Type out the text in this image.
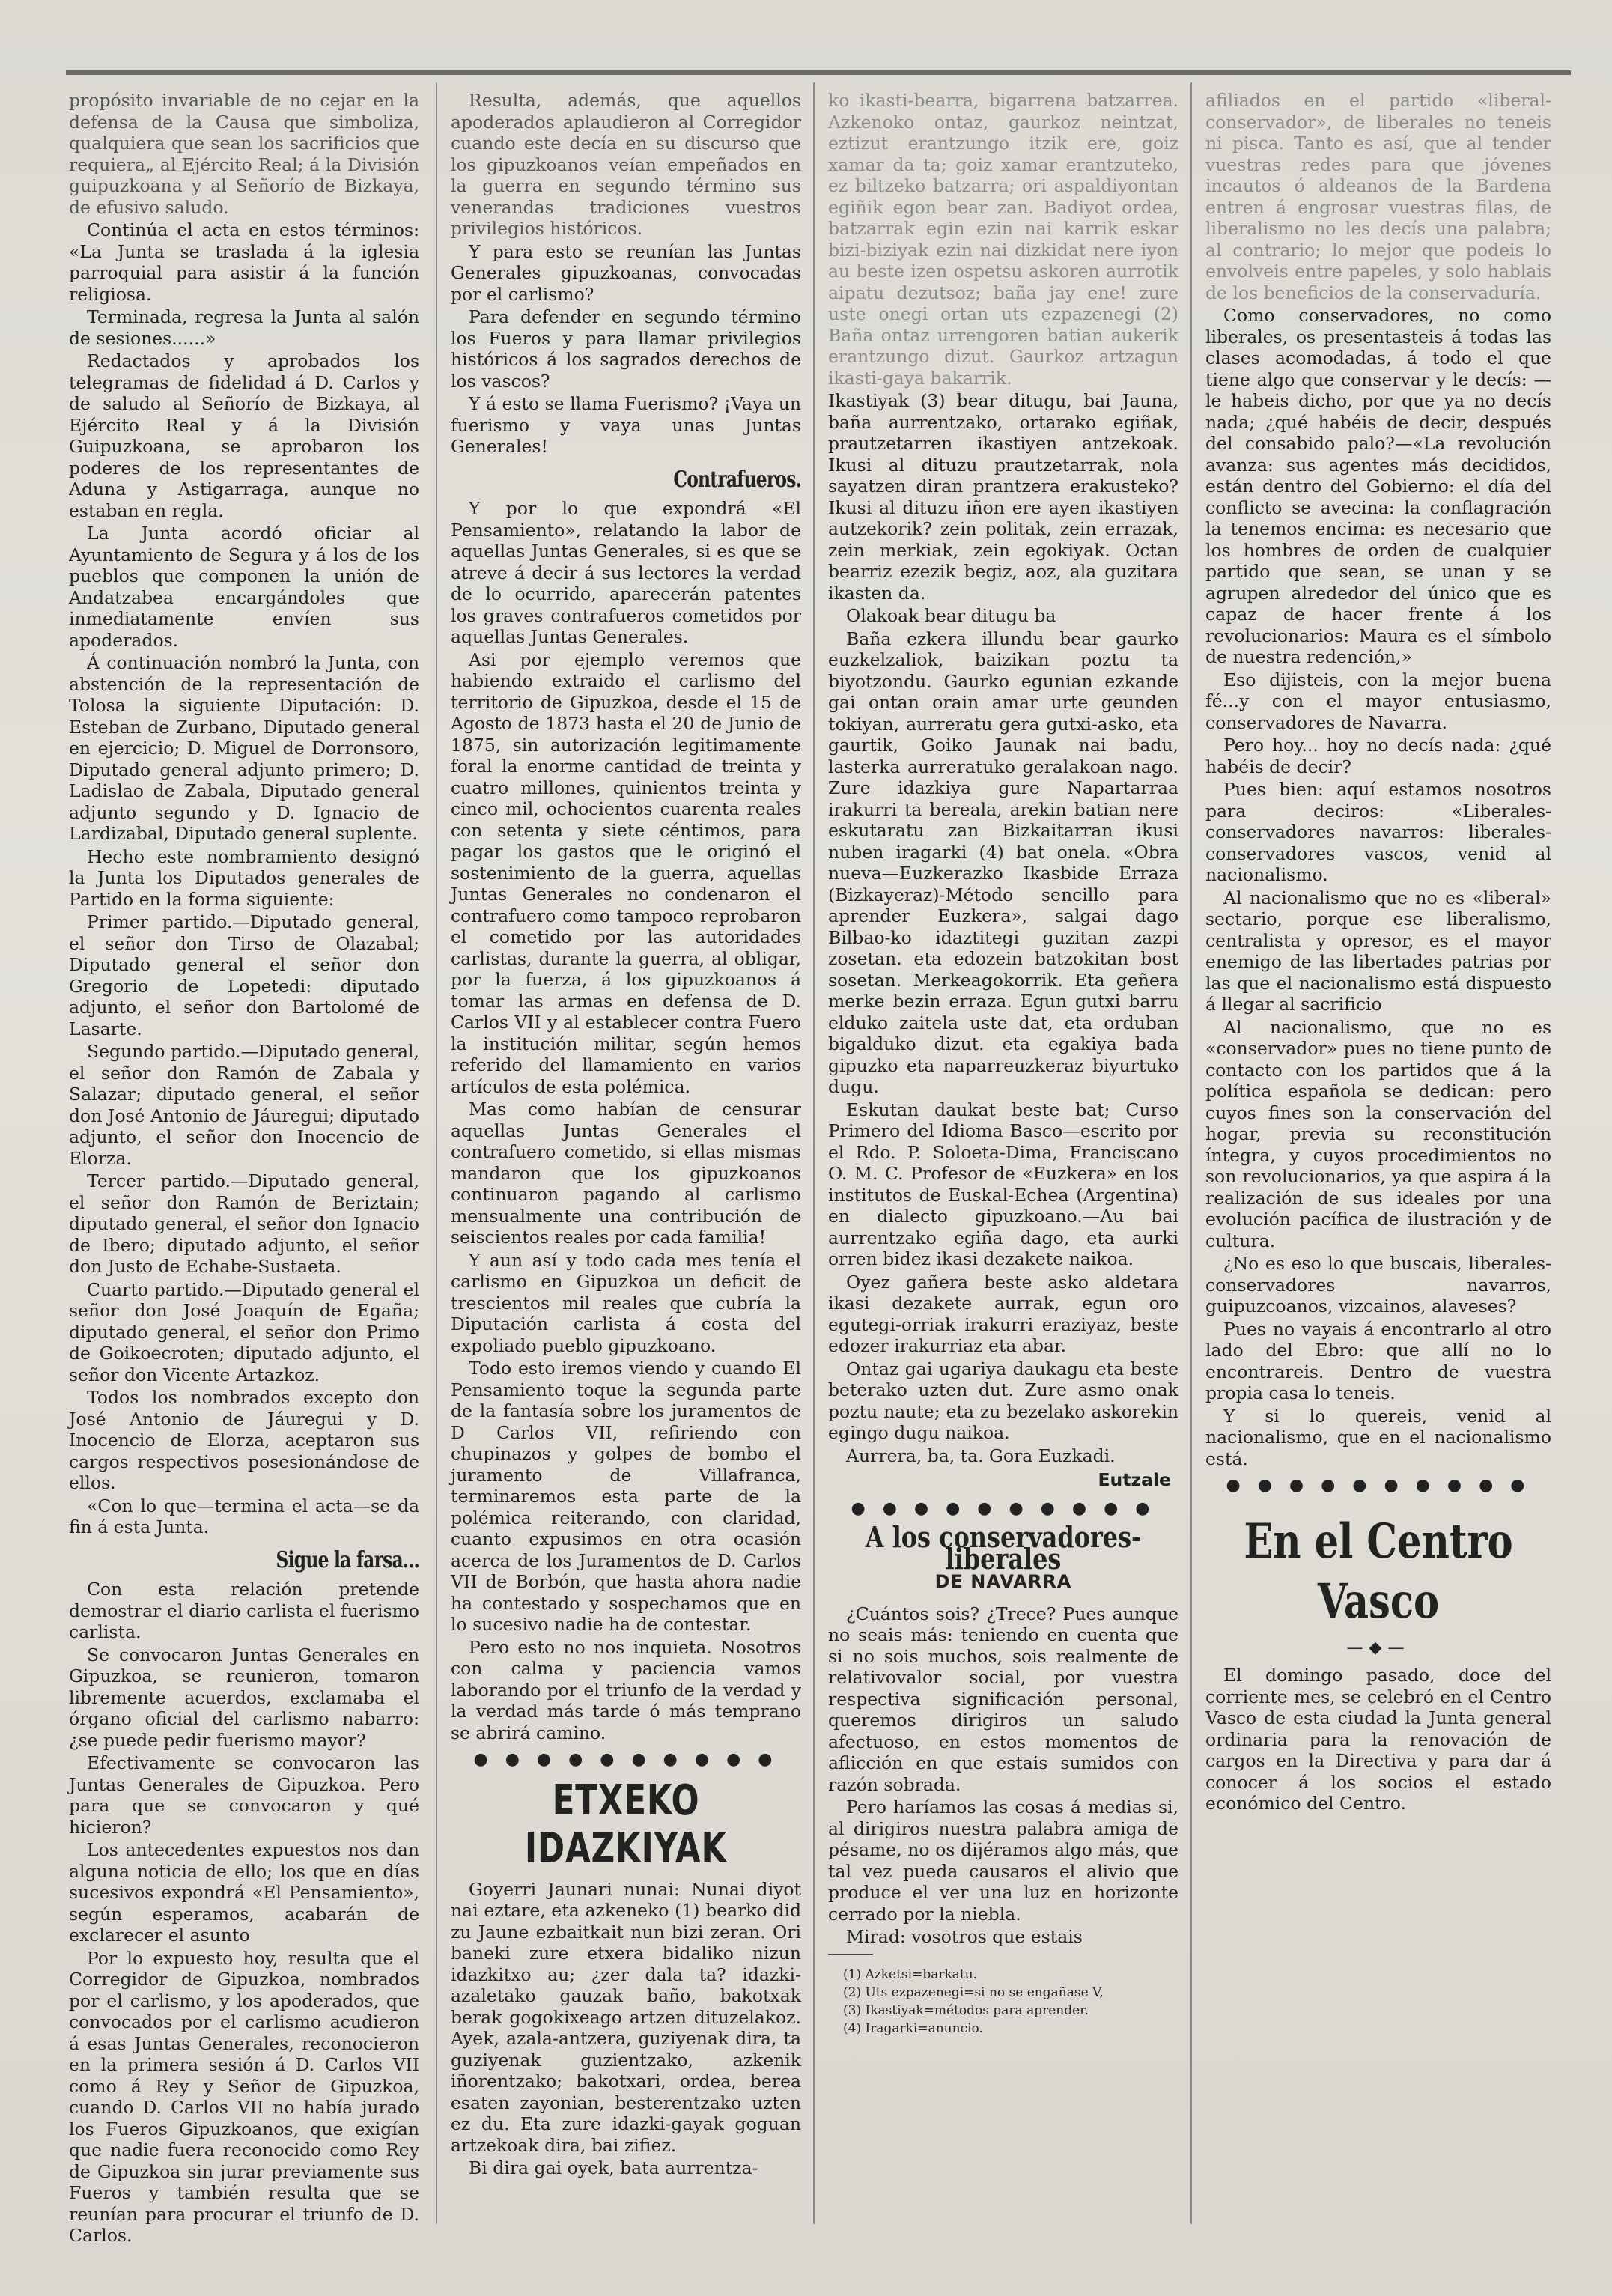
propósito invariable de no cejar en la defensa de la Causa que simboliza, qualquiera que sean los sacrificios que requiera„ al Ejército Real; á la División guipuzkoana y al Señorío de Bizkaya, de efusivo saludo.

Continúa el acta en estos términos: «La Junta se traslada á la iglesia parroquial para asistir á la función religiosa.

Terminada, regresa la Junta al salón de sesiones......»

Redactados y aprobados los telegramas de fidelidad á D. Carlos y de saludo al Señorío de Bizkaya, al Ejército Real y á la División Guipuzkoana, se aprobaron los poderes de los representantes de Aduna y Astigarraga, aunque no estaban en regla.

La Junta acordó oficiar al Ayuntamiento de Segura y á los de los pueblos que componen la unión de Andatzabea encargándoles que inmediatamente envíen sus apoderados.

Á continuación nombró la Junta, con abstención de la representación de Tolosa la siguiente Diputación: D. Esteban de Zurbano, Diputado general en ejercicio; D. Miguel de Dorronsoro, Diputado general adjunto primero; D. Ladislao de Zabala, Diputado general adjunto segundo y D. Ignacio de Lardizabal, Diputado general suplente.

Hecho este nombramiento designó la Junta los Diputados generales de Partido en la forma siguiente:

Primer partido.—Diputado general, el señor don Tirso de Olazabal; Diputado general el señor don Gregorio de Lopetedi: diputado adjunto, el señor don Bartolomé de Lasarte.

Segundo partido.—Diputado general, el señor don Ramón de Zabala y Salazar; diputado general, el señor don José Antonio de Jáuregui; diputado adjunto, el señor don Inocencio de Elorza.

Tercer partido.—Diputado general, el señor don Ramón de Beriztain; diputado general, el señor don Ignacio de Ibero; diputado adjunto, el señor don Justo de Echabe-Sustaeta.

Cuarto partido.—Diputado general el señor don José Joaquín de Egaña; diputado general, el señor don Primo de Goikoecroten; diputado adjunto, el señor don Vicente Artazkoz.

Todos los nombrados excepto don José Antonio de Jáuregui y D. Inocencio de Elorza, aceptaron sus cargos respectivos posesionándose de ellos.

«Con lo que—termina el acta—se da fin á esta Junta.

Sigue la farsa...

Con esta relación pretende demostrar el diario carlista el fuerismo carlista.

Se convocaron Juntas Generales en Gipuzkoa, se reunieron, tomaron libremente acuerdos, exclamaba el órgano oficial del carlismo nabarro: ¿se puede pedir fuerismo mayor?

Efectivamente se convocaron las Juntas Generales de Gipuzkoa. Pero para que se convocaron y qué hicieron?

Los antecedentes expuestos nos dan alguna noticia de ello; los que en días sucesivos expondrá «El Pensamiento», según esperamos, acabarán de exclarecer el asunto

Por lo expuesto hoy, resulta que el Corregidor de Gipuzkoa, nombrados por el carlismo, y los apoderados, que convocados por el carlismo acudieron á esas Juntas Generales, reconocieron en la primera sesión á D. Carlos VII como á Rey y Señor de Gipuzkoa, cuando D. Carlos VII no había jurado los Fueros Gipuzkoanos, que exigían que nadie fuera reconocido como Rey de Gipuzkoa sin jurar previamente sus Fueros y también resulta que se reunían para procurar el triunfo de D. Carlos.

Resulta, además, que aquellos apoderados aplaudieron al Corregidor cuando este decía en su discurso que los gipuzkoanos veían empeñados en la guerra en segundo término sus venerandas tradiciones vuestros privilegios históricos.

Y para esto se reunían las Juntas Generales gipuzkoanas, convocadas por el carlismo?

Para defender en segundo término los Fueros y para llamar privilegios históricos á los sagrados derechos de los vascos?

Y á esto se llama Fuerismo? ¡Vaya un fuerismo y vaya unas Juntas Generales!

Contrafueros.

Y por lo que expondrá «El Pensamiento», relatando la labor de aquellas Juntas Generales, si es que se atreve á decir á sus lectores la verdad de lo ocurrido, aparecerán patentes los graves contrafueros cometidos por aquellas Juntas Generales.

Asi por ejemplo veremos que habiendo extraido el carlismo del territorio de Gipuzkoa, desde el 15 de Agosto de 1873 hasta el 20 de Junio de 1875, sin autorización legitimamente foral la enorme cantidad de treinta y cuatro millones, quinientos treinta y cinco mil, ochocientos cuarenta reales con setenta y siete céntimos, para pagar los gastos que le originó el sostenimiento de la guerra, aquellas Juntas Generales no condenaron el contrafuero como tampoco reprobaron el cometido por las autoridades carlistas, durante la guerra, al obligar, por la fuerza, á los gipuzkoanos á tomar las armas en defensa de D. Carlos VII y al establecer contra Fuero la institución militar, según hemos referido del llamamiento en varios artículos de esta polémica.

Mas como habían de censurar aquellas Juntas Generales el contrafuero cometido, si ellas mismas mandaron que los gipuzkoanos continuaron pagando al carlismo mensualmente una contribución de seiscientos reales por cada familia!

Y aun así y todo cada mes tenía el carlismo en Gipuzkoa un deficit de trescientos mil reales que cubría la Diputación carlista á costa del expoliado pueblo gipuzkoano.

Todo esto iremos viendo y cuando El Pensamiento toque la segunda parte de la fantasía sobre los juramentos de D Carlos VII, refiriendo con chupinazos y golpes de bombo el juramento de Villafranca, terminaremos esta parte de la polémica reiterando, con claridad, cuanto expusimos en otra ocasión acerca de los Juramentos de D. Carlos VII de Borbón, que hasta ahora nadie ha contestado y sospechamos que en lo sucesivo nadie ha de contestar.

Pero esto no nos inquieta. Nosotros con calma y paciencia vamos laborando por el triunfo de la verdad y la verdad más tarde ó más temprano se abrirá camino.

● ● ● ● ● ● ● ● ● ●
ETXEKO IDAZKIYAK

Goyerri Jaunari nunai: Nunai diyot nai eztare, eta azkeneko (1) bearko did zu Jaune ezbaitkait nun bizi zeran. Ori baneki zure etxera bidaliko nizun idazkitxo au; ¿zer dala ta? idazki-azaletako gauzak baño, bakotxak berak gogokixeago artzen dituzelakoz. Ayek, azala-antzera, guziyenak dira, ta guziyenak guzientzako, azkenik iñorentzako; bakotxari, ordea, berea esaten zayonian, besterentzako uzten ez du. Eta zure idazki-gayak goguan artzekoak dira, bai zifiez.

Bi dira gai oyek, bata aurrentza-

ko ikasti-bearra, bigarrena batzarrea. Azkenoko ontaz, gaurkoz neintzat, eztizut erantzungo itzik ere, goiz xamar da ta; goiz xamar erantzuteko, ez biltzeko batzarra; ori aspaldiyontan egiñik egon bear zan. Badiyot ordea, batzarrak egin ezin nai karrik eskar bizi-biziyak ezin nai dizkidat nere iyon au beste izen ospetsu askoren aurrotik aipatu dezutsoz; baña jay ene! zure uste onegi ortan uts ezpazenegi (2) Baña ontaz urrengoren batian aukerik erantzungo dizut. Gaurkoz artzagun ikasti-gaya bakarrik.

Ikastiyak (3) bear ditugu, bai Jauna, baña aurrentzako, ortarako egiñak, prautzetarren ikastiyen antzekoak. Ikusi al dituzu prautzetarrak, nola sayatzen diran prantzera erakusteko? Ikusi al dituzu iñon ere ayen ikastiyen autzekorik? zein politak, zein errazak, zein merkiak, zein egokiyak. Octan bearriz ezezik begiz, aoz, ala guzitara ikasten da.

Olakoak bear ditugu ba

Baña ezkera illundu bear gaurko euzkelzaliok, baizikan poztu ta biyotzondu. Gaurko egunian ezkande gai ontan orain amar urte geunden tokiyan, aurreratu gera gutxi-asko, eta gaurtik, Goiko Jaunak nai badu, lasterka aurreratuko geralakoan nago. Zure idazkiya gure Napartarraa irakurri ta bereala, arekin batian nere eskutaratu zan Bizkaitarran ikusi nuben iragarki (4) bat onela. «Obra nueva—Euzkerazko Ikasbide Erraza (Bizkayeraz)-Método sencillo para aprender Euzkera», salgai dago Bilbao-ko idaztitegi guzitan zazpi zosetan. eta edozein batzokitan bost sosetan. Merkeagokorrik. Eta geñera merke bezin erraza. Egun gutxi barru elduko zaitela uste dat, eta orduban bigalduko dizut. eta egakiya bada gipuzko eta naparreuzkeraz biyurtuko dugu.

Eskutan daukat beste bat; Curso Primero del Idioma Basco—escrito por el Rdo. P. Soloeta-Dima, Franciscano O. M. C. Profesor de «Euzkera» en los institutos de Euskal-Echea (Argentina) en dialecto gipuzkoano.—Au bai aurrentzako egiña dago, eta aurki orren bidez ikasi dezakete naikoa.

Oyez gañera beste asko aldetara ikasi dezakete aurrak, egun oro egutegi-orriak irakurri eraziyaz, beste edozer irakurriaz eta abar.

Ontaz gai ugariya daukagu eta beste beterako uzten dut. Zure asmo onak poztu naute; eta zu bezelako askorekin egingo dugu naikoa.

Aurrera, ba, ta. Gora Euzkadi.

Eutzale
● ● ● ● ● ● ● ● ● ●
A los conservadores-liberales
DE NAVARRA

¿Cuántos sois? ¿Trece? Pues aunque no seais más: teniendo en cuenta que si no sois muchos, sois realmente de relativovalor social, por vuestra respectiva significación personal, queremos dirigiros un saludo afectuoso, en estos momentos de aflicción en que estais sumidos con razón sobrada.

Pero haríamos las cosas á medias si, al dirigiros nuestra palabra amiga de pésame, no os dijéramos algo más, que tal vez pueda causaros el alivio que produce el ver una luz en horizonte cerrado por la niebla.

Mirad: vosotros que estais

(1) Azketsi=barkatu.
(2) Uts ezpazenegi=si no se engañase V,
(3) Ikastiyak=métodos para aprender.
(4) Iragarki=anuncio.

afiliados en el partido «liberal-conservador», de liberales no teneis ni pisca. Tanto es así, que al tender vuestras redes para que jóvenes incautos ó aldeanos de la Bardena entren á engrosar vuestras filas, de liberalismo no les decís una palabra; al contrario; lo mejor que podeis lo envolveis entre papeles, y solo hablais de los beneficios de la conservaduría.

Como conservadores, no como liberales, os presentasteis á todas las clases acomodadas, á todo el que tiene algo que conservar y le decís: —le habeis dicho, por que ya no decís nada; ¿qué habéis de decir, después del consabido palo?—«La revolución avanza: sus agentes más decididos, están dentro del Gobierno: el día del conflicto se avecina: la conflagración la tenemos encima: es necesario que los hombres de orden de cualquier partido que sean, se unan y se agrupen alrededor del único que es capaz de hacer frente á los revolucionarios: Maura es el símbolo de nuestra redención,»

Eso dijisteis, con la mejor buena fé...y con el mayor entusiasmo, conservadores de Navarra.

Pero hoy... hoy no decís nada: ¿qué habéis de decir?

Pues bien: aquí estamos nosotros para deciros: «Liberales-conservadores navarros: liberales-conservadores vascos, venid al nacionalismo.

Al nacionalismo que no es «liberal» sectario, porque ese liberalismo, centralista y opresor, es el mayor enemigo de las libertades patrias por las que el nacionalismo está dispuesto á llegar al sacrificio

Al nacionalismo, que no es «conservador» pues no tiene punto de contacto con los partidos que á la política española se dedican: pero cuyos fines son la conservación del hogar, previa su reconstitución íntegra, y cuyos procedimientos no son revolucionarios, ya que aspira á la realización de sus ideales por una evolución pacífica de ilustración y de cultura.

¿No es eso lo que buscais, liberales-conservadores navarros, guipuzcoanos, vizcainos, alaveses?

Pues no vayais á encontrarlo al otro lado del Ebro: que allí no lo encontrareis. Dentro de vuestra propia casa lo teneis.

Y si lo quereis, venid al nacionalismo, que en el nacionalismo está.

● ● ● ● ● ● ● ● ● ●
En el Centro Vasco
—◆—

El domingo pasado, doce del corriente mes, se celebró en el Centro Vasco de esta ciudad la Junta general ordinaria para la renovación de cargos en la Directiva y para dar á conocer á los socios el estado económico del Centro.
